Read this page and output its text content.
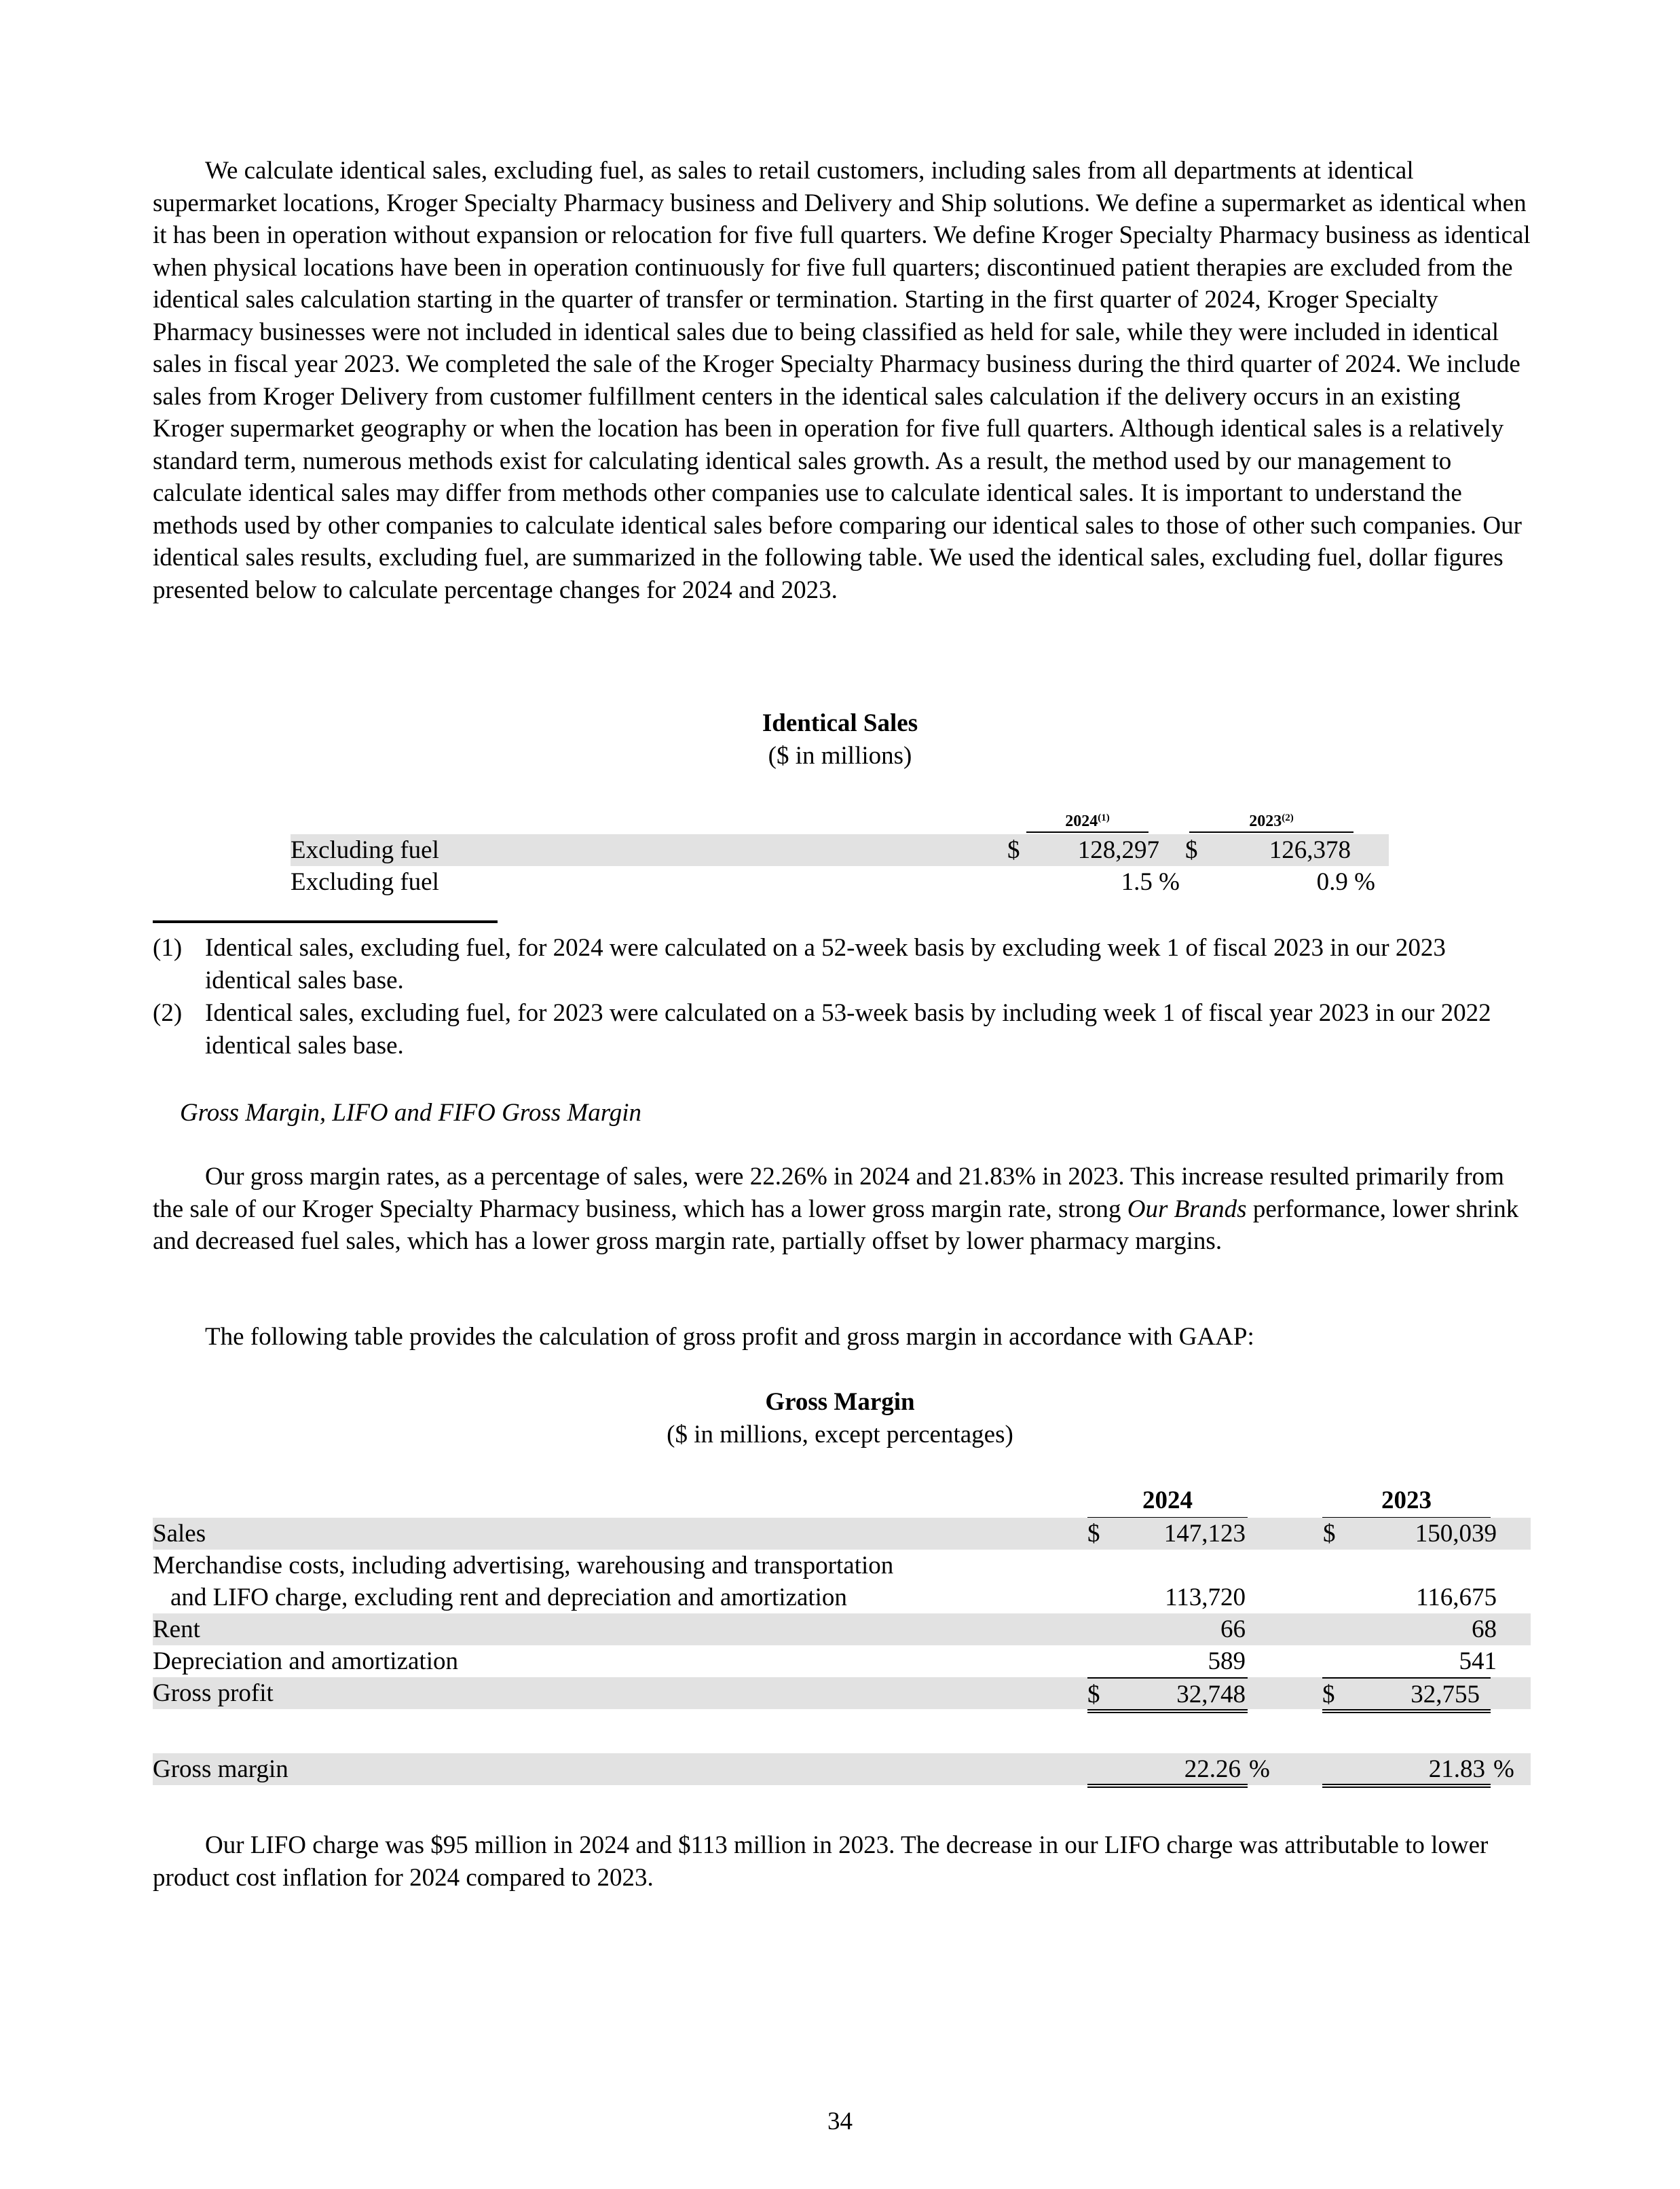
We calculate identical sales, excluding fuel, as sales to retail customers, including sales from all departments at identical supermarket locations, Kroger Specialty Pharmacy business and Delivery and Ship solutions. We define a supermarket as identical when it has been in operation without expansion or relocation for five full quarters. We define Kroger Specialty Pharmacy business as identical when physical locations have been in operation continuously for five full quarters; discontinued patient therapies are excluded from the identical sales calculation starting in the quarter of transfer or termination. Starting in the first quarter of 2024, Kroger Specialty Pharmacy businesses were not included in identical sales due to being classified as held for sale, while they were included in identical sales in fiscal year 2023. We completed the sale of the Kroger Specialty Pharmacy business during the third quarter of 2024. We include sales from Kroger Delivery from customer fulfillment centers in the identical sales calculation if the delivery occurs in an existing Kroger supermarket geography or when the location has been in operation for five full quarters. Although identical sales is a relatively standard term, numerous methods exist for calculating identical sales growth. As a result, the method used by our management to calculate identical sales may differ from methods other companies use to calculate identical sales. It is important to understand the methods used by other companies to calculate identical sales before comparing our identical sales to those of other such companies. Our identical sales results, excluding fuel, are summarized in the following table. We used the identical sales, excluding fuel, dollar figures presented below to calculate percentage changes for 2024 and 2023.

Identical Sales

($ in millions)

2024$^{(1)}$	2023$^{(2)}$
Excluding fuel	$	128,297 $	126,378
Excluding fuel	1.5 %	0.9 %
(1) Identical sales, excluding fuel, for 2024 were calculated on a 52-week basis by excluding week 1 of fiscal 2023 in our 2023 identical sales base.

(2) Identical sales, excluding fuel, for 2023 were calculated on a 53-week basis by including week 1 of fiscal year 2023 in our 2022 identical sales base.

Gross Margin, LIFO and FIFO Gross Margin

Our gross margin rates, as a percentage of sales, were 22.26% in 2024 and 21.83% in 2023. This increase resulted primarily from the sale of our Kroger Specialty Pharmacy business, which has a lower gross margin rate, strong Our Brands performance, lower shrink and decreased fuel sales, which has a lower gross margin rate, partially offset by lower pharmacy margins.

The following table provides the calculation of gross profit and gross margin in accordance with GAAP:

Gross Margin

($ in millions, except percentages)

2024	2023
Sales	$	147,123	$	150,039
Merchandise costs, including advertising, warehousing and transportation
and LIFO charge, excluding rent and depreciation and amortization	113,720	116,675
Rent	66	68
Depreciation and amortization	589	541
Gross profit	$	32,748	$	32,755
Gross margin	22.26 %	21.83 %

Our LIFO charge was $95 million in 2024 and $113 million in 2023. The decrease in our LIFO charge was attributable to lower product cost inflation for 2024 compared to 2023.

34
